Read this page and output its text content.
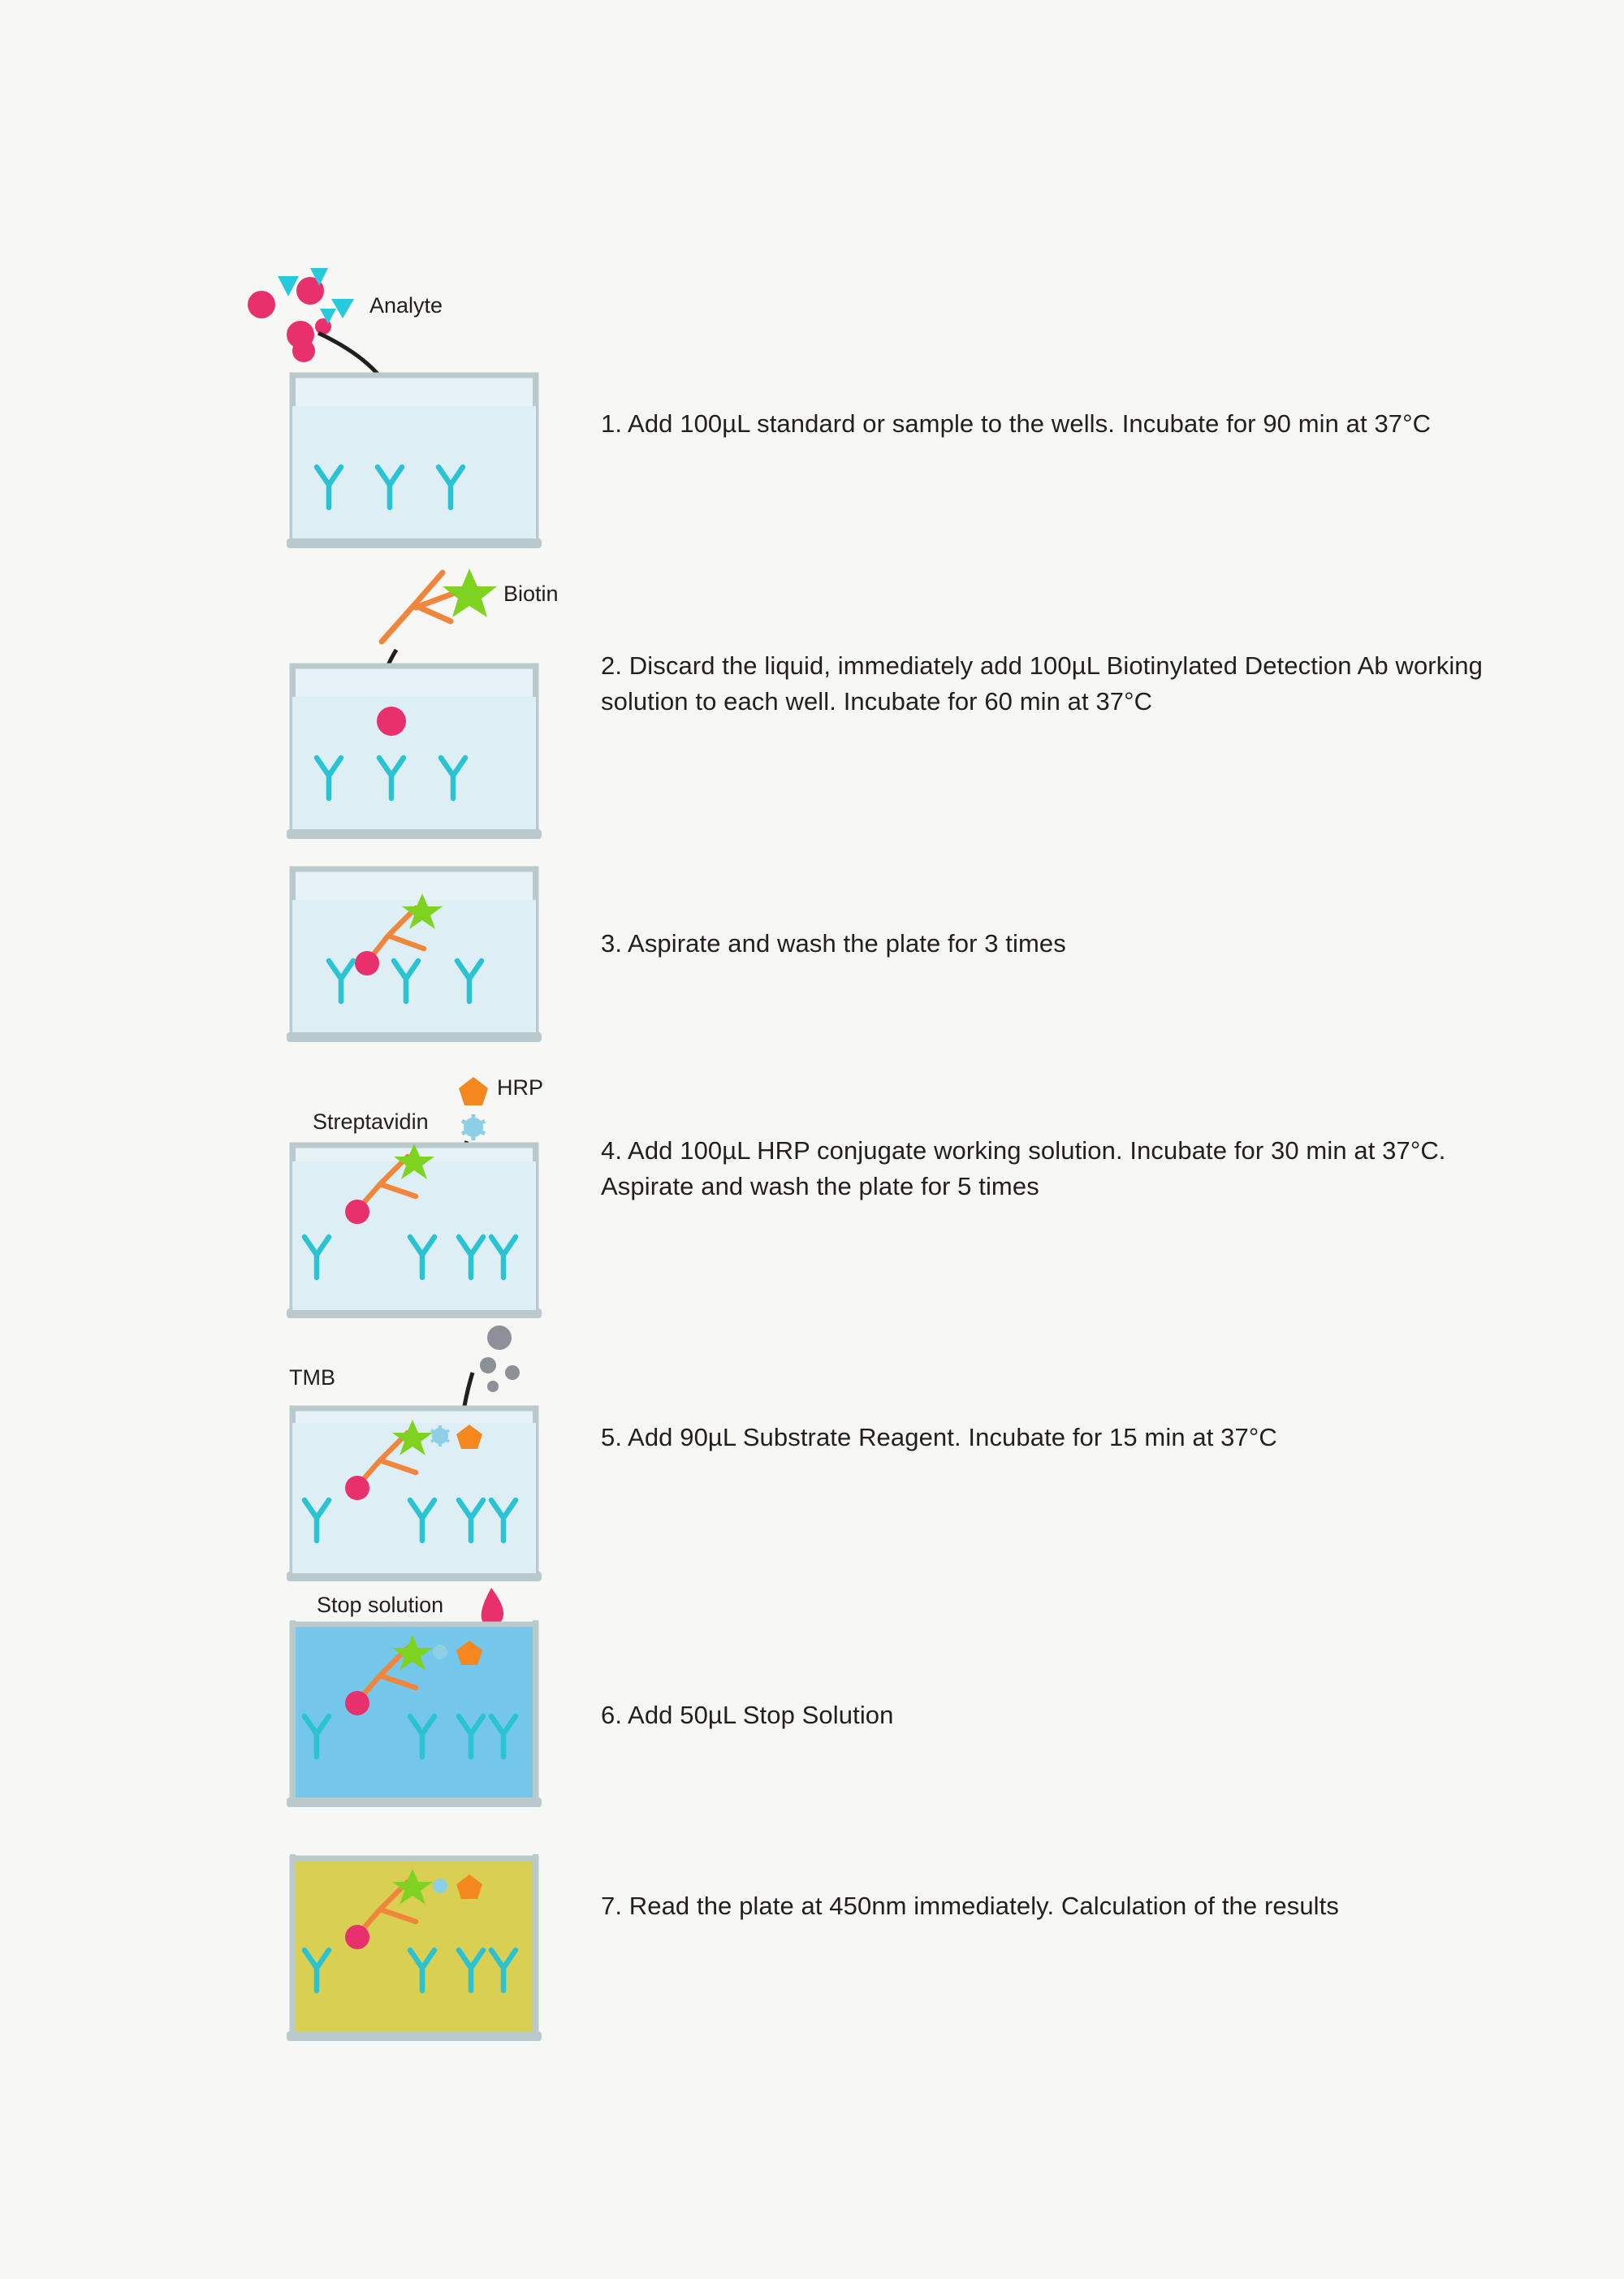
Analyte
Biotin
HRP
Streptavidin
TMB
Stop solution
1. Add 100µL standard or sample to the wells. Incubate for 90 min at 37°C
2. Discard the liquid, immediately add 100µL Biotinylated Detection Ab working solution to each well. Incubate for 60 min at 37°C
3. Aspirate and wash the plate for 3 times
4. Add 100µL HRP conjugate working solution. Incubate for 30 min at 37°C. Aspirate and wash the plate for 5 times
5. Add 90µL Substrate Reagent. Incubate for 15 min at 37°C
6. Add 50µL Stop Solution
7. Read the plate at 450nm immediately. Calculation of the results
